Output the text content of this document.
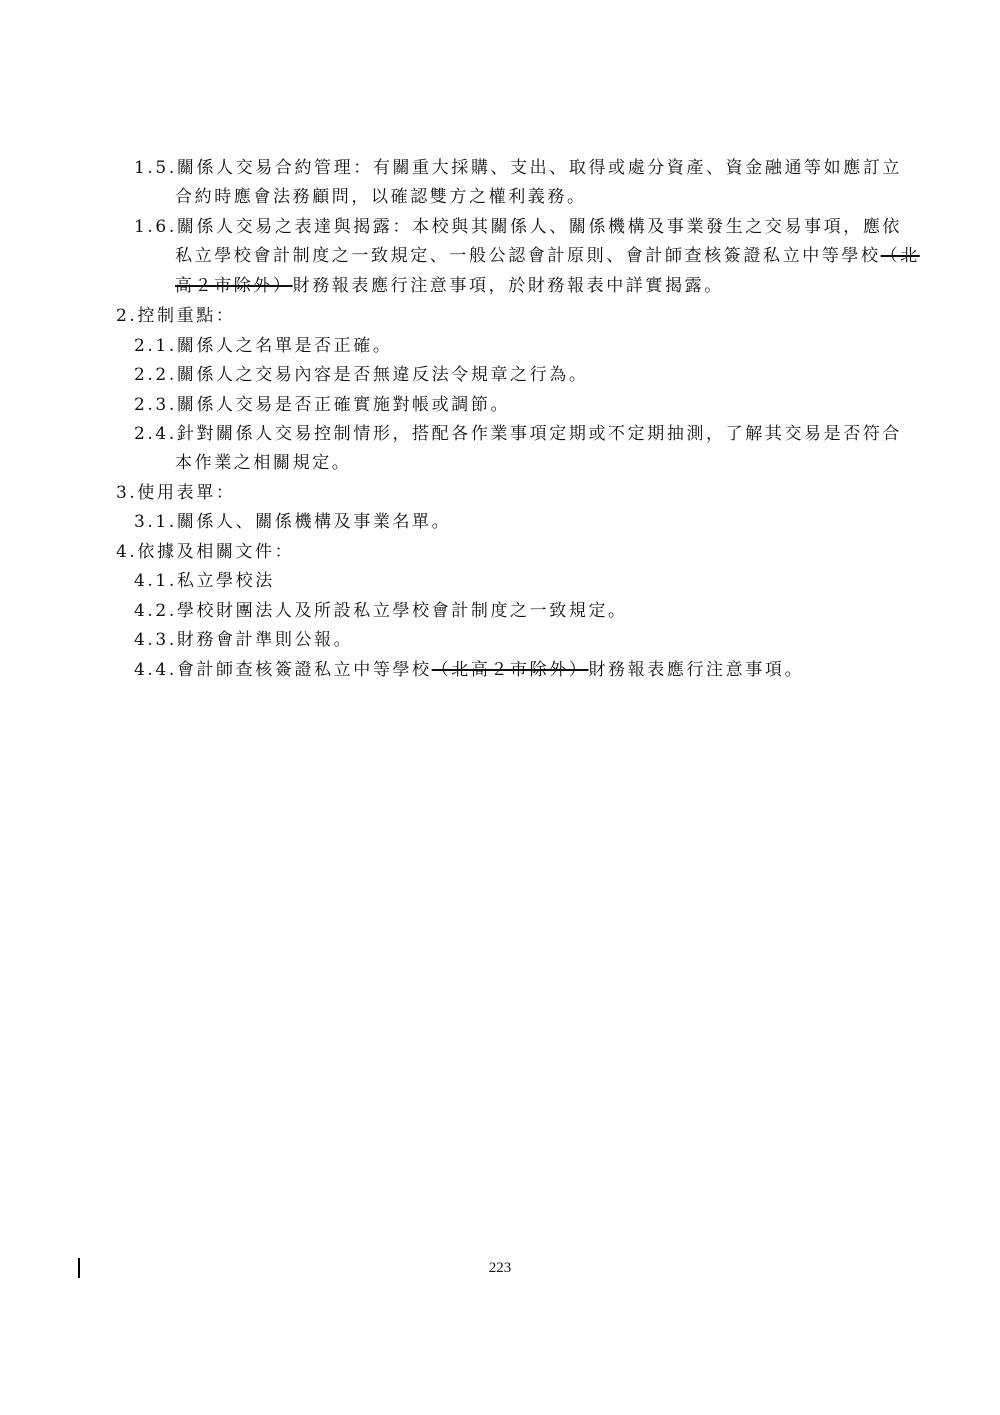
1.5.關係人交易合約管理：有關重大採購、支出、取得或處分資產、資金融通等如應訂立
合約時應會法務顧問，以確認雙方之權利義務。
1.6.關係人交易之表達與揭露：本校與其關係人、關係機構及事業發生之交易事項，應依
私立學校會計制度之一致規定、一般公認會計原則、會計師查核簽證私立中等學校（北
高２市除外）財務報表應行注意事項，於財務報表中詳實揭露。
2.控制重點：
2.1.關係人之名單是否正確。
2.2.關係人之交易內容是否無違反法令規章之行為。
2.3.關係人交易是否正確實施對帳或調節。
2.4.針對關係人交易控制情形，搭配各作業事項定期或不定期抽測，了解其交易是否符合
本作業之相關規定。
3.使用表單：
3.1.關係人、關係機構及事業名單。
4.依據及相關文件：
4.1.私立學校法
4.2.學校財團法人及所設私立學校會計制度之一致規定。
4.3.財務會計準則公報。
4.4.會計師查核簽證私立中等學校（北高２市除外）財務報表應行注意事項。
223
